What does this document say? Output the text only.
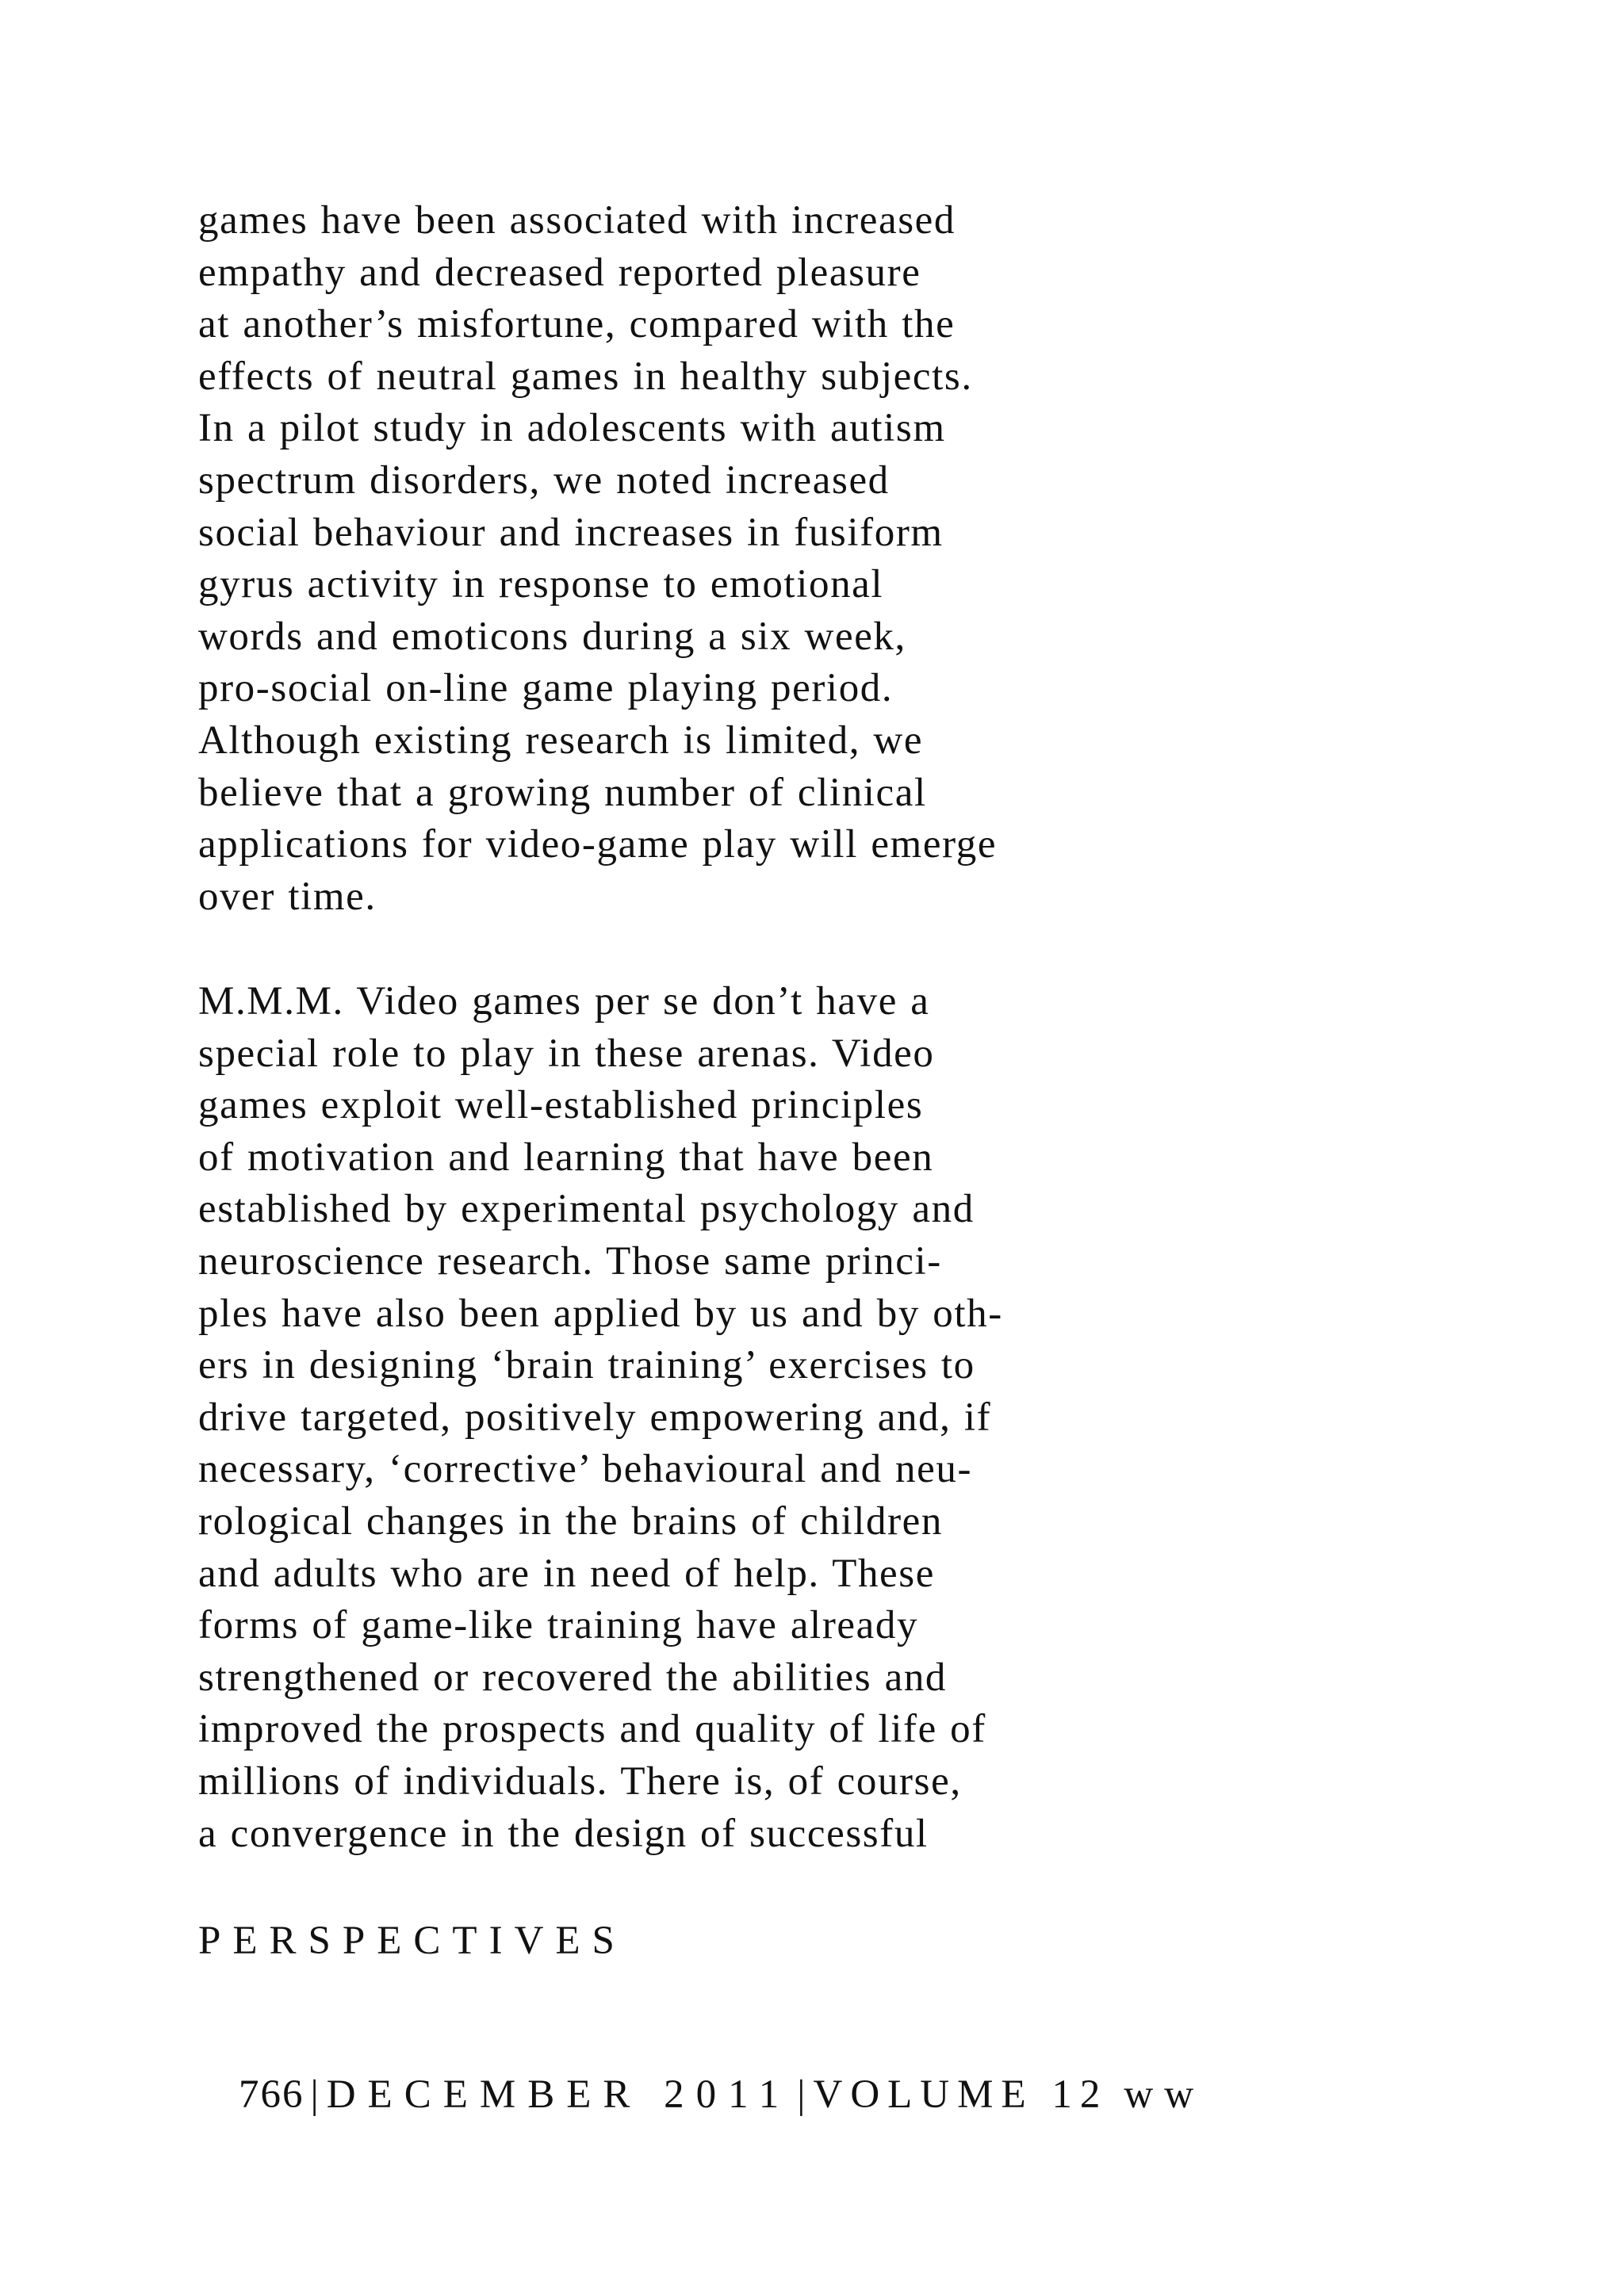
games have been associated with increased
empathy and decreased reported pleasure
at another’s misfortune, compared with the
effects of neutral games in healthy subjects.
In a pilot study in adolescents with autism
spectrum disorders, we noted increased
social behaviour and increases in fusiform
gyrus activity in response to emotional
words and emoticons during a six week,
pro-social on-line game playing period.
Although existing research is limited, we
believe that a growing number of clinical
applications for video-game play will emerge
over time.
M.M.M. Video games per se don’t have a
special role to play in these arenas. Video
games exploit well-established principles
of motivation and learning that have been
established by experimental psychology and
neuroscience research. Those same princi-
ples have also been applied by us and by oth-
ers in designing ‘brain training’ exercises to
drive targeted, positively empowering and, if
necessary, ‘corrective’ behavioural and neu-
rological changes in the brains of children
and adults who are in need of help. These
forms of game-like training have already
strengthened or recovered the abilities and
improved the prospects and quality of life of
millions of individuals. There is, of course,
a convergence in the design of successful
PERSPECTIVES

766 | DECEMBER 2011 | VOLUME 12 ww
